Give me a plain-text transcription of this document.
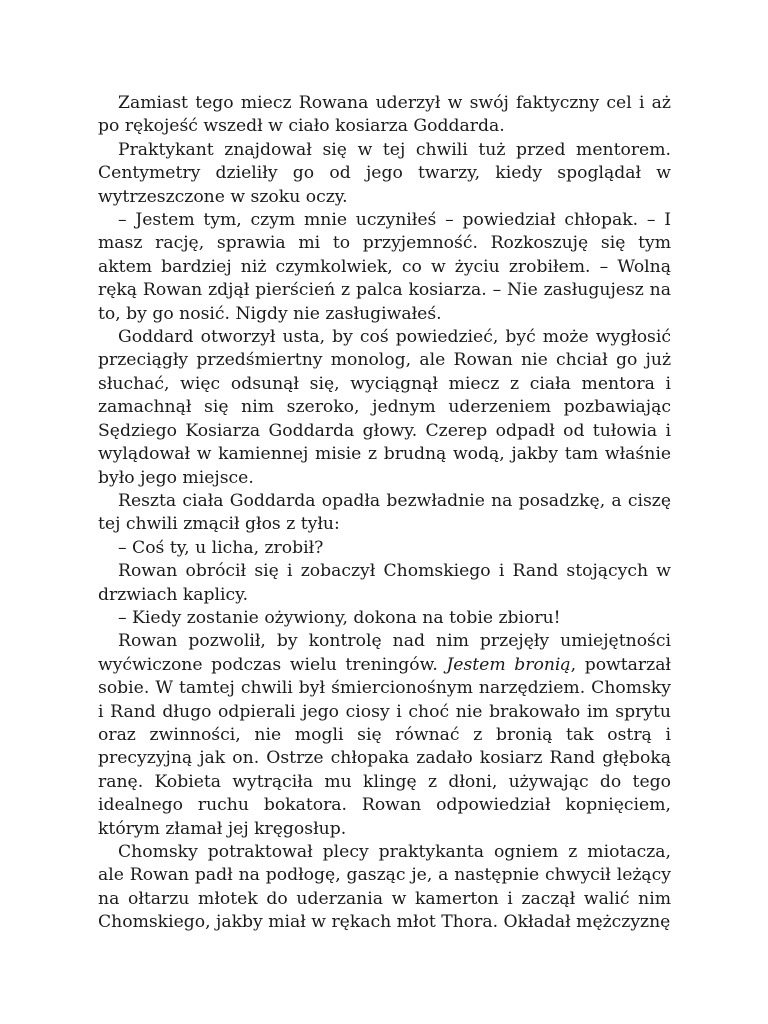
Zamiast tego miecz Rowana uderzył w swój faktyczny cel i aż po rękojeść wszedł w ciało kosiarza Goddarda.

Praktykant znajdował się w tej chwili tuż przed mentorem. Centymetry dzieliły go od jego twarzy, kiedy spoglądał w wytrzeszczone w szoku oczy.

– Jestem tym, czym mnie uczyniłeś – powiedział chłopak. – I masz rację, sprawia mi to przyjemność. Rozkoszuję się tym aktem bardziej niż czymkolwiek, co w życiu zrobiłem. – Wolną ręką Rowan zdjął pierścień z palca kosiarza. – Nie zasługujesz na to, by go nosić. Nigdy nie zasługiwałeś.

Goddard otworzył usta, by coś powiedzieć, być może wygłosić przeciągły przedśmiertny monolog, ale Rowan nie chciał go już słuchać, więc odsunął się, wyciągnął miecz z ciała mentora i zamachnął się nim szeroko, jednym uderzeniem pozbawiając Sędziego Kosiarza Goddarda głowy. Czerep odpadł od tułowia i wylądował w kamiennej misie z brudną wodą, jakby tam właśnie było jego miejsce.

Reszta ciała Goddarda opadła bezwładnie na posadzkę, a ciszę tej chwili zmącił głos z tyłu:

– Coś ty, u licha, zrobił?

Rowan obrócił się i zobaczył Chomskiego i Rand stojących w drzwiach kaplicy.

– Kiedy zostanie ożywiony, dokona na tobie zbioru!

Rowan pozwolił, by kontrolę nad nim przejęły umiejętności wyćwiczone podczas wielu treningów. Jestem bronią, powtarzał sobie. W tamtej chwili był śmiercionośnym narzędziem. Chomsky i Rand długo odpierali jego ciosy i choć nie brakowało im sprytu oraz zwinności, nie mogli się równać z bronią tak ostrą i precyzyjną jak on. Ostrze chłopaka zadało kosiarz Rand głęboką ranę. Kobieta wytrąciła mu klingę z dłoni, używając do tego idealnego ruchu bokatora. Rowan odpowiedział kopnięciem, którym złamał jej kręgosłup.

Chomsky potraktował plecy praktykanta ogniem z miotacza, ale Rowan padł na podłogę, gasząc je, a następnie chwycił leżący na ołtarzu młotek do uderzania w kamerton i zaczął walić nim Chomskiego, jakby miał w rękach młot Thora. Okładał mężczyznę
